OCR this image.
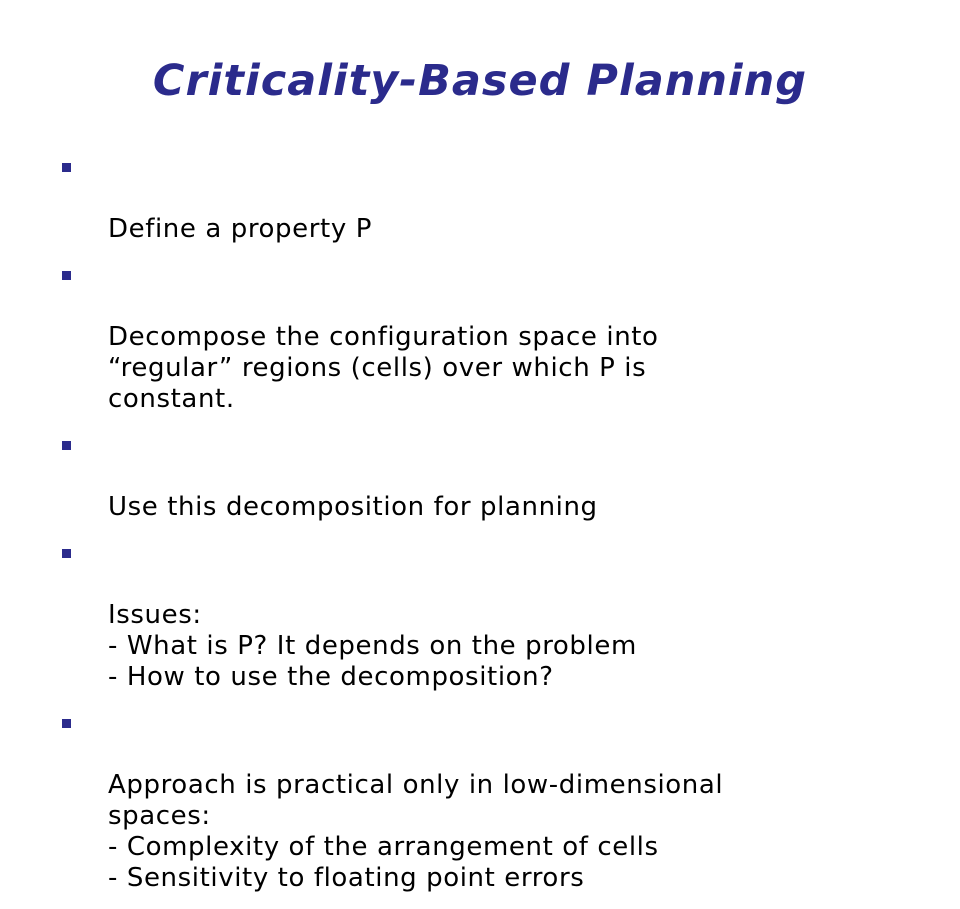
Criticality-Based Planning

Define a property P

Decompose the configuration space into
“regular” regions (cells) over which P is
constant.

Use this decomposition for planning

Issues:
- What is P? It depends on the problem
- How to use the decomposition?

Approach is practical only in low-dimensional
spaces:
- Complexity of the arrangement of cells
- Sensitivity to floating point errors
